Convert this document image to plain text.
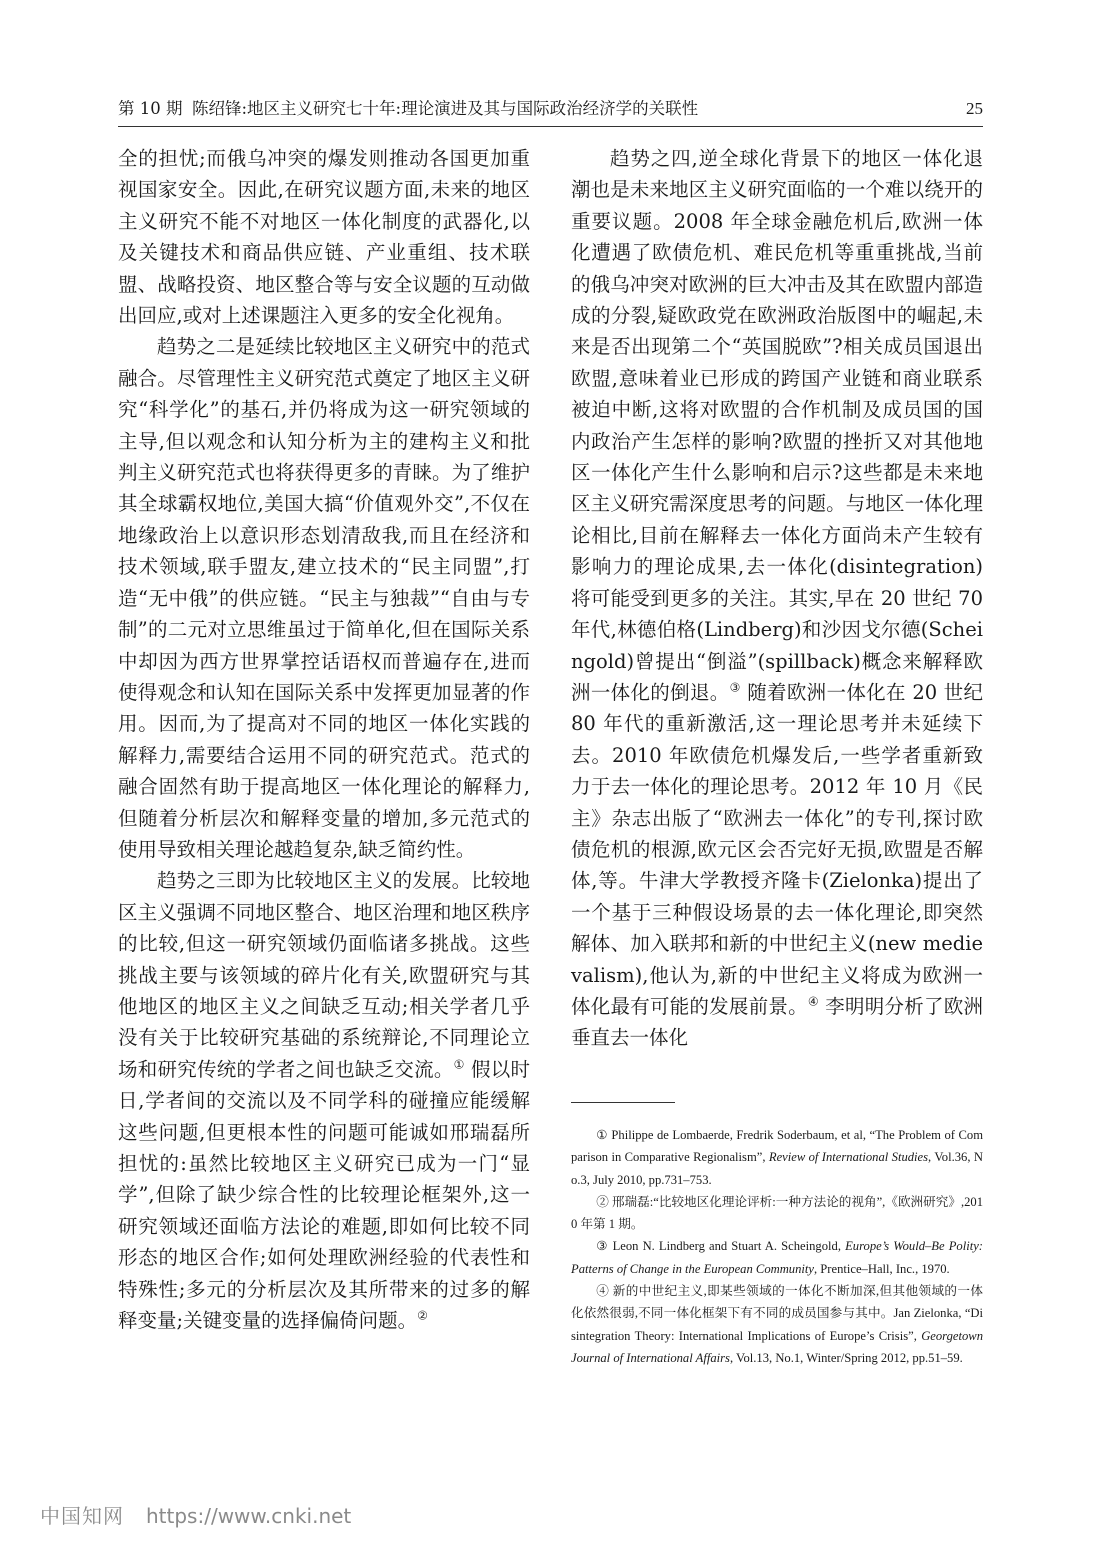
第 10 期 陈绍锋:地区主义研究七十年:理论演进及其与国际政治经济学的关联性	25

全的担忧;而俄乌冲突的爆发则推动各国更加重视国家安全。因此,在研究议题方面,未来的地区主义研究不能不对地区一体化制度的武器化,以及关键技术和商品供应链、产业重组、技术联盟、战略投资、地区整合等与安全议题的互动做出回应,或对上述课题注入更多的安全化视角。

趋势之二是延续比较地区主义研究中的范式融合。尽管理性主义研究范式奠定了地区主义研究“科学化”的基石,并仍将成为这一研究领域的主导,但以观念和认知分析为主的建构主义和批判主义研究范式也将获得更多的青睐。为了维护其全球霸权地位,美国大搞“价值观外交”,不仅在地缘政治上以意识形态划清敌我,而且在经济和技术领域,联手盟友,建立技术的“民主同盟”,打造“无中俄”的供应链。“民主与独裁”“自由与专制”的二元对立思维虽过于简单化,但在国际关系中却因为西方世界掌控话语权而普遍存在,进而使得观念和认知在国际关系中发挥更加显著的作用。因而,为了提高对不同的地区一体化实践的解释力,需要结合运用不同的研究范式。范式的融合固然有助于提高地区一体化理论的解释力,但随着分析层次和解释变量的增加,多元范式的使用导致相关理论越趋复杂,缺乏简约性。

趋势之三即为比较地区主义的发展。比较地区主义强调不同地区整合、地区治理和地区秩序的比较,但这一研究领域仍面临诸多挑战。这些挑战主要与该领域的碎片化有关,欧盟研究与其他地区的地区主义之间缺乏互动;相关学者几乎没有关于比较研究基础的系统辩论,不同理论立场和研究传统的学者之间也缺乏交流。① 假以时日,学者间的交流以及不同学科的碰撞应能缓解这些问题,但更根本性的问题可能诚如邢瑞磊所担忧的:虽然比较地区主义研究已成为一门“显学”,但除了缺少综合性的比较理论框架外,这一研究领域还面临方法论的难题,即如何比较不同形态的地区合作;如何处理欧洲经验的代表性和特殊性;多元的分析层次及其所带来的过多的解释变量;关键变量的选择偏倚问题。②

趋势之四,逆全球化背景下的地区一体化退潮也是未来地区主义研究面临的一个难以绕开的重要议题。2008 年全球金融危机后,欧洲一体化遭遇了欧债危机、难民危机等重重挑战,当前的俄乌冲突对欧洲的巨大冲击及其在欧盟内部造成的分裂,疑欧政党在欧洲政治版图中的崛起,未来是否出现第二个“英国脱欧”?相关成员国退出欧盟,意味着业已形成的跨国产业链和商业联系被迫中断,这将对欧盟的合作机制及成员国的国内政治产生怎样的影响?欧盟的挫折又对其他地区一体化产生什么影响和启示?这些都是未来地区主义研究需深度思考的问题。与地区一体化理论相比,目前在解释去一体化方面尚未产生较有影响力的理论成果,去一体化(disintegration)将可能受到更多的关注。其实,早在 20 世纪 70 年代,林德伯格(Lindberg)和沙因戈尔德(Scheingold)曾提出“倒溢”(spillback)概念来解释欧洲一体化的倒退。③ 随着欧洲一体化在 20 世纪 80 年代的重新激活,这一理论思考并未延续下去。2010 年欧债危机爆发后,一些学者重新致力于去一体化的理论思考。2012 年 10 月《民主》杂志出版了“欧洲去一体化”的专刊,探讨欧债危机的根源,欧元区会否完好无损,欧盟是否解体,等。牛津大学教授齐隆卡(Zielonka)提出了一个基于三种假设场景的去一体化理论,即突然解体、加入联邦和新的中世纪主义(new medievalism),他认为,新的中世纪主义将成为欧洲一体化最有可能的发展前景。④ 李明明分析了欧洲垂直去一体化

① Philippe de Lombaerde, Fredrik Soderbaum, et al, “The Problem of Comparison in Comparative Regionalism”, Review of International Studies, Vol.36, No.3, July 2010, pp.731–753.

② 邢瑞磊:“比较地区化理论评析:一种方法论的视角”,《欧洲研究》,2010 年第 1 期。

③ Leon N. Lindberg and Stuart A. Scheingold, Europe’s Would–Be Polity: Patterns of Change in the European Community, Prentice–Hall, Inc., 1970.

④ 新的中世纪主义,即某些领域的一体化不断加深,但其他领域的一体化依然很弱,不同一体化框架下有不同的成员国参与其中。Jan Zielonka, “Disintegration Theory: International Implications of Europe’s Crisis”, Georgetown Journal of International Affairs, Vol.13, No.1, Winter/Spring 2012, pp.51–59.

中国知网 https://www.cnki.net
